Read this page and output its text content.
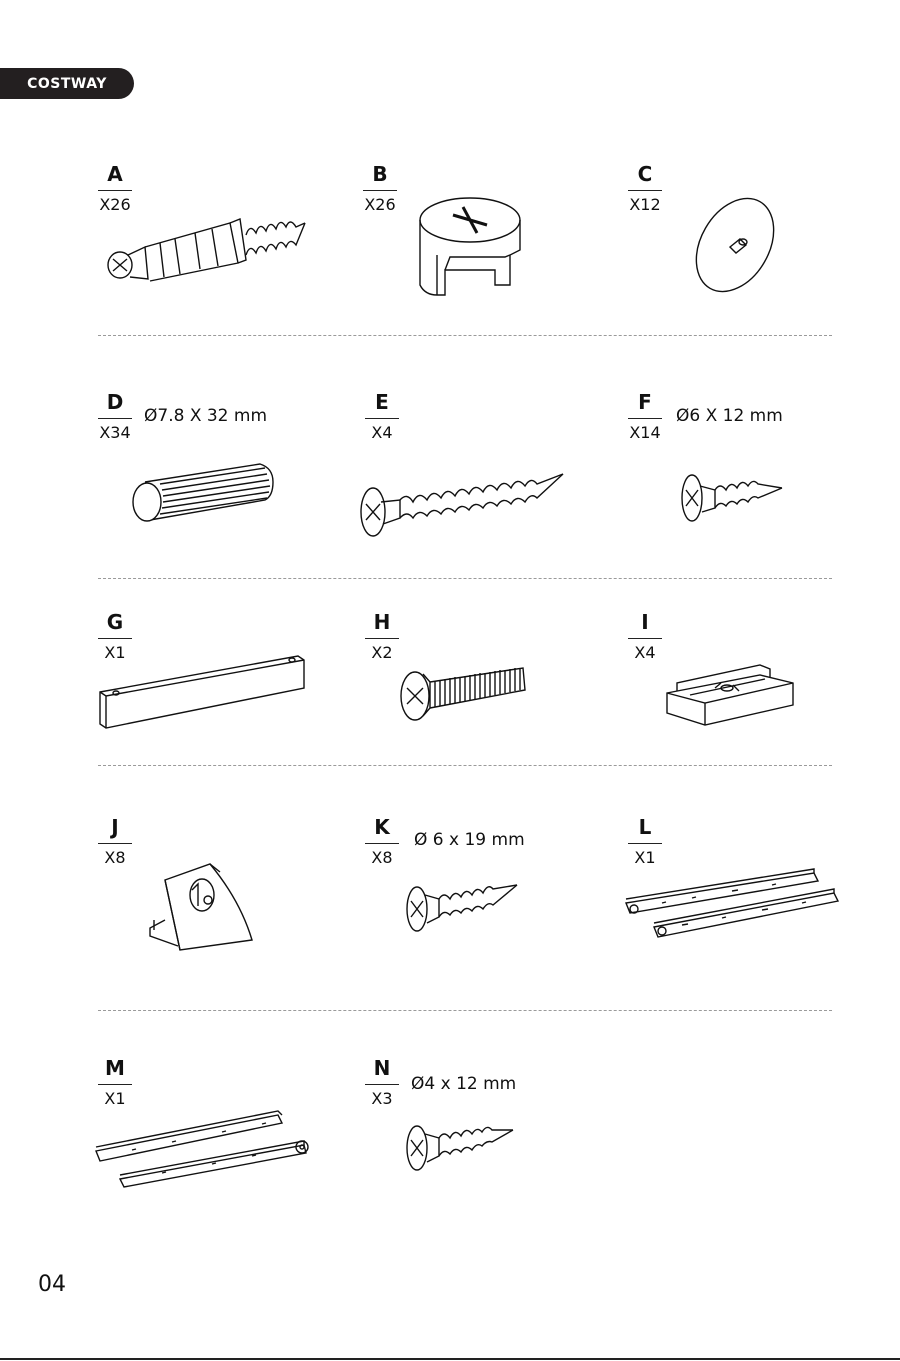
COSTWAY
A
X26
B
X26
C
X12
D
X34
Ø7.8 X 32 mm
E
X4
F
X14
Ø6 X 12 mm
G
X1
H
X2
I
X4
J
X8
K
X8
Ø 6 x 19 mm
L
X1
M
X1
N
X3
Ø4 x 12 mm
04
